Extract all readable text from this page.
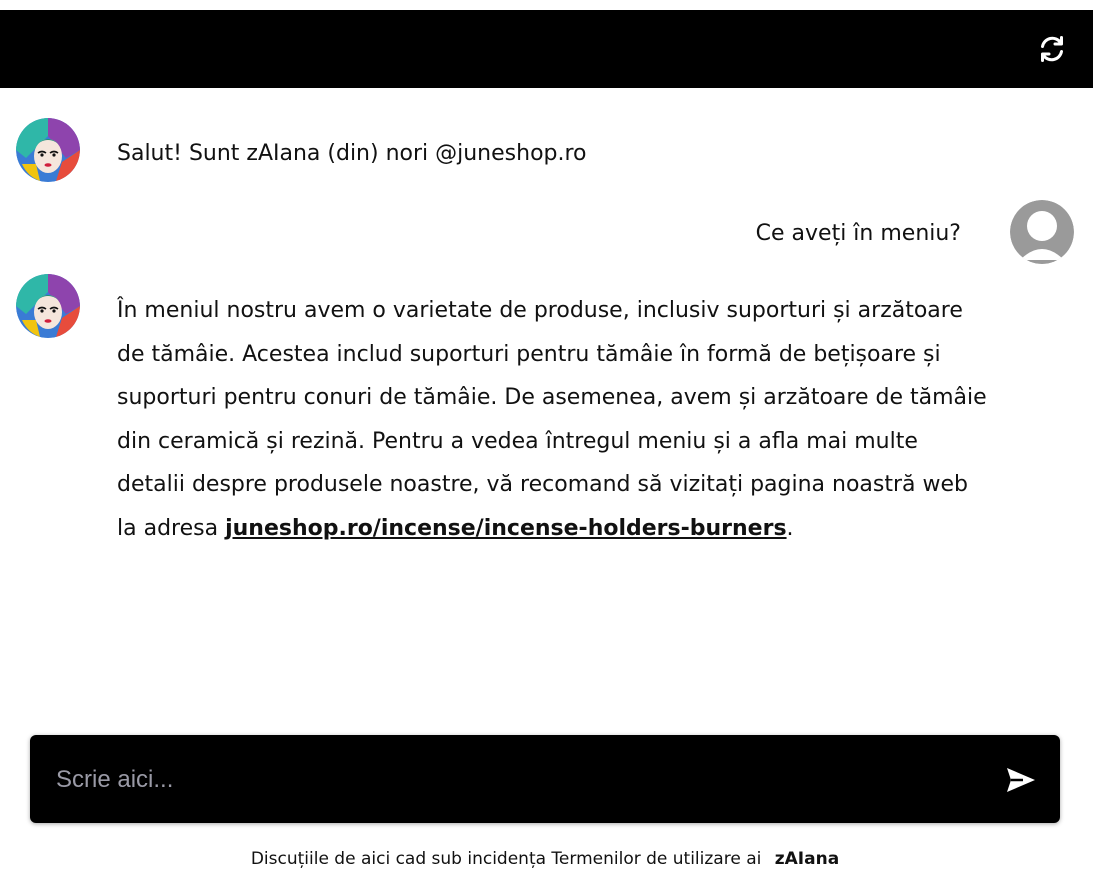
Salut! Sunt zAIana (din) nori @juneshop.ro
Ce aveți în meniu?
În meniul nostru avem o varietate de produse, inclusiv suporturi și arzătoare de tămâie. Acestea includ suporturi pentru tămâie în formă de bețișoare și suporturi pentru conuri de tămâie. De asemenea, avem și arzătoare de tămâie din ceramică și rezină. Pentru a vedea întregul meniu și a afla mai multe detalii despre produsele noastre, vă recomand să vizitați pagina noastră web la adresa juneshop.ro/incense/incense-holders-burners.
Scrie aici...
Discuțiile de aici cad sub incidența Termenilor de utilizare ai zAIana
